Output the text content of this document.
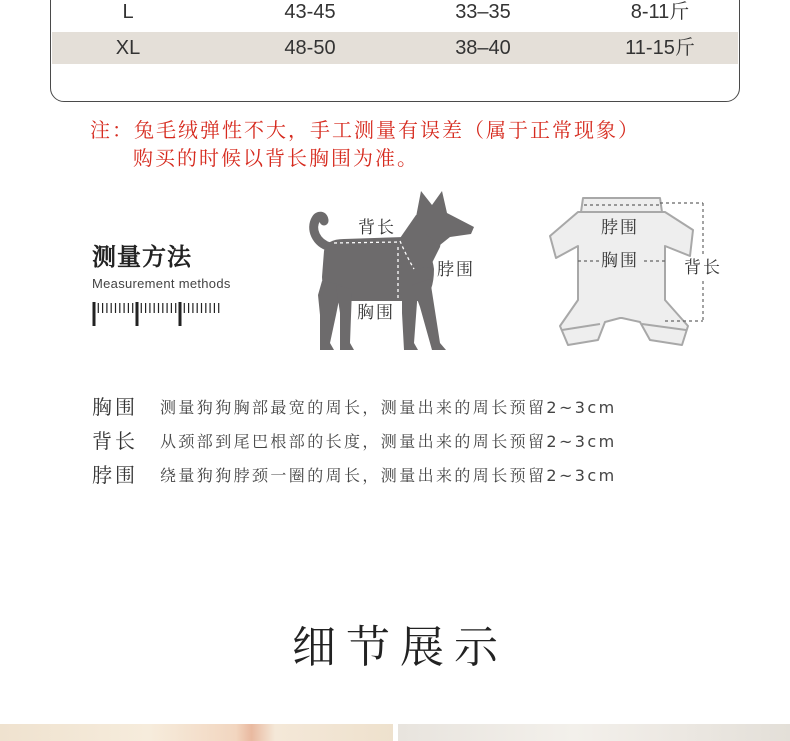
L	43-45	33–35	8-11斤
XL	48-50	38–40	11-15斤
注：兔毛绒弹性不大，手工测量有误差（属于正常现象）
购买的时候以背长胸围为准。
测量方法
Measurement methods
背长
脖围
胸围
脖围
胸围	背长
胸围 测量狗狗胸部最宽的周长，测量出来的周长预留2~3cm
背长 从颈部到尾巴根部的长度，测量出来的周长预留2~3cm
脖围 绕量狗狗脖颈一圈的周长，测量出来的周长预留2~3cm
细节展示
